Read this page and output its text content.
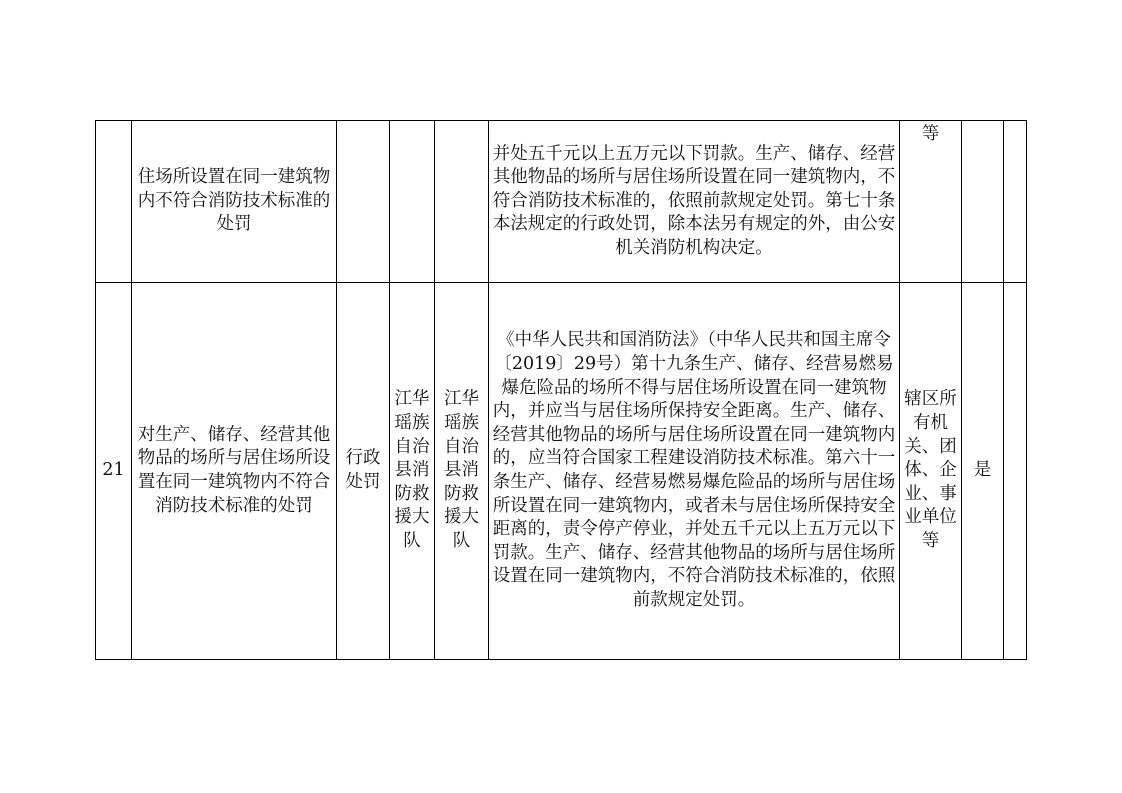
	住场所设置在同一建筑物内不符合消防技术标准的处罚				并处五千元以上五万元以下罚款。生产、储存、经营其他物品的场所与居住场所设置在同一建筑物内，不符合消防技术标准的，依照前款规定处罚。第七十条本法规定的行政处罚，除本法另有规定的外，由公安机关消防机构决定。	等		
21	对生产、储存、经营其他物品的场所与居住场所设置在同一建筑物内不符合消防技术标准的处罚	行政处罚	江华瑶族自治县消防救援大队	江华瑶族自治县消防救援大队	《中华人民共和国消防法》（中华人民共和国主席令〔2019〕29号）第十九条生产、储存、经营易燃易爆危险品的场所不得与居住场所设置在同一建筑物内，并应当与居住场所保持安全距离。生产、储存、经营其他物品的场所与居住场所设置在同一建筑物内的，应当符合国家工程建设消防技术标准。第六十一条生产、储存、经营易燃易爆危险品的场所与居住场所设置在同一建筑物内，或者未与居住场所保持安全距离的，责令停产停业，并处五千元以上五万元以下罚款。生产、储存、经营其他物品的场所与居住场所设置在同一建筑物内，不符合消防技术标准的，依照前款规定处罚。	辖区所有机关、团体、企业、事业单位等	是	
